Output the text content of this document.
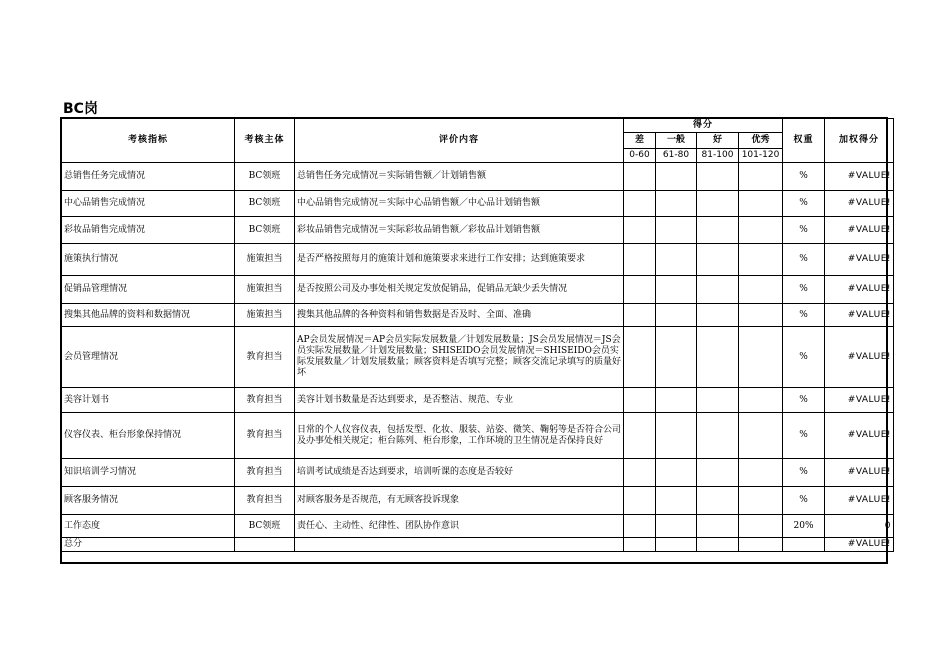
BC岗
考核指标	考核主体	评价内容	得分				权重	加权得分
			差	一般	好	优秀		
			0-60	61-80	81-100	101-120		
总销售任务完成情况	BC领班	总销售任务完成情况＝实际销售额／计划销售额					%	#VALUE!
中心品销售完成情况	BC领班	中心品销售完成情况＝实际中心品销售额／中心品计划销售额					%	#VALUE!
彩妆品销售完成情况	BC领班	彩妆品销售完成情况＝实际彩妆品销售额／彩妆品计划销售额					%	#VALUE!
施策执行情况	施策担当	是否严格按照每月的施策计划和施策要求来进行工作安排；达到施策要求					%	#VALUE!
促销品管理情况	施策担当	是否按照公司及办事处相关规定发放促销品，促销品无缺少丢失情况					%	#VALUE!
搜集其他品牌的资料和数据情况	施策担当	搜集其他品牌的各种资料和销售数据是否及时、全面、准确					%	#VALUE!
会员管理情况	教育担当	AP会员发展情况＝AP会员实际发展数量／计划发展数量；JS会员发展情况＝JS会员实际发展数量／计划发展数量；SHISEIDO会员发展情况＝SHISEIDO会员实际发展数量／计划发展数量；顾客资料是否填写完整；顾客交流记录填写的质量好坏					%	#VALUE!
美容计划书	教育担当	美容计划书数量是否达到要求，是否整洁、规范、专业					%	#VALUE!
仪容仪表、柜台形象保持情况	教育担当	日常的个人仪容仪表，包括发型、化妆、服装、站姿、微笑、鞠躬等是否符合公司及办事处相关规定；柜台陈列、柜台形象，工作环境的卫生情况是否保持良好					%	#VALUE!
知识培训学习情况	教育担当	培训考试成绩是否达到要求，培训听课的态度是否较好					%	#VALUE!
顾客服务情况	教育担当	对顾客服务是否规范，有无顾客投诉现象					%	#VALUE!
工作态度	BC领班	责任心、主动性、纪律性、团队协作意识					20%	0
总分								#VALUE!
